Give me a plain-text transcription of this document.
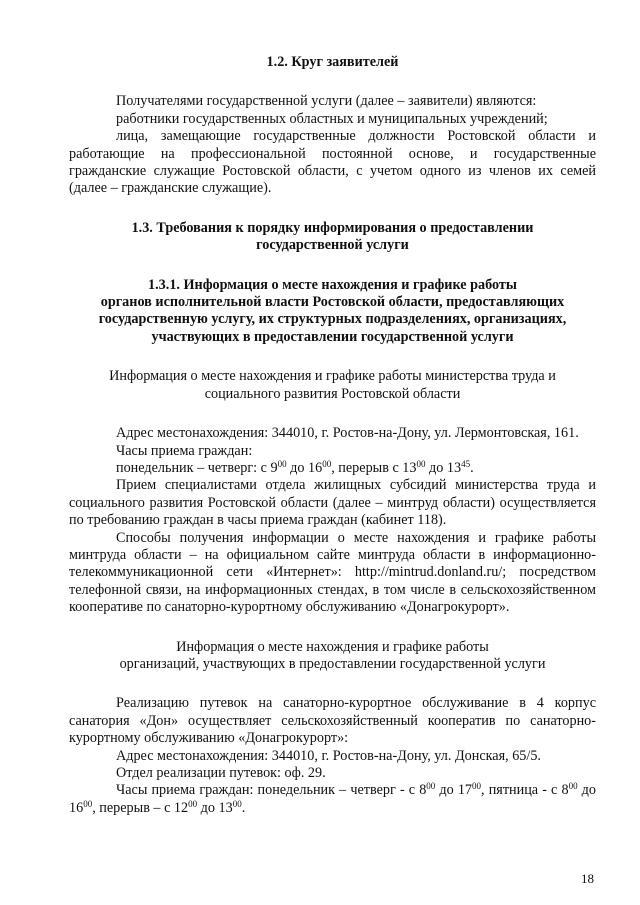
1.2. Круг заявителей

Получателями государственной услуги (далее – заявители) являются:

работники государственных областных и муниципальных учреждений;

лица, замещающие государственные должности Ростовской области и работающие на профессиональной постоянной основе, и государственные гражданские служащие Ростовской области, с учетом одного из членов их семей (далее – гражданские служащие).

1.3. Требования к порядку информирования о предоставлении

государственной услуги

1.3.1. Информация о месте нахождения и графике работы

органов исполнительной власти Ростовской области, предоставляющих

государственную услугу, их структурных подразделениях, организациях,

участвующих в предоставлении государственной услуги

Информация о месте нахождения и графике работы министерства труда и

социального развития Ростовской области

Адрес местонахождения: 344010, г. Ростов-на-Дону, ул. Лермонтовская, 161.

Часы приема граждан:

понедельник – четверг: с $9^{00}$ до $16^{00}$, перерыв с $13^{00}$ до $13^{45}$.

Прием специалистами отдела жилищных субсидий министерства труда и социального развития Ростовской области (далее – минтруд области) осуществляется по требованию граждан в часы приема граждан (кабинет 118).

Способы получения информации о месте нахождения и графике работы минтруда области – на официальном сайте минтруда области в информационно-телекоммуникационной сети «Интернет»: http://mintrud.donland.ru/; посредством телефонной связи, на информационных стендах, в том числе в сельскохозяйственном кооперативе по санаторно-курортному обслуживанию «Донагрокурорт».

Информация о месте нахождения и графике работы

организаций, участвующих в предоставлении государственной услуги

Реализацию путевок на санаторно-курортное обслуживание в 4 корпус санатория «Дон» осуществляет сельскохозяйственный кооператив по санаторно-курортному обслуживанию «Донагрокурорт»:

Адрес местонахождения: 344010, г. Ростов-на-Дону, ул. Донская, 65/5.

Отдел реализации путевок: оф. 29.

Часы приема граждан: понедельник – четверг - с $8^{00}$ до $17^{00}$, пятница - с $8^{00}$ до $16^{00}$, перерыв – с $12^{00}$ до $13^{00}$.

18
